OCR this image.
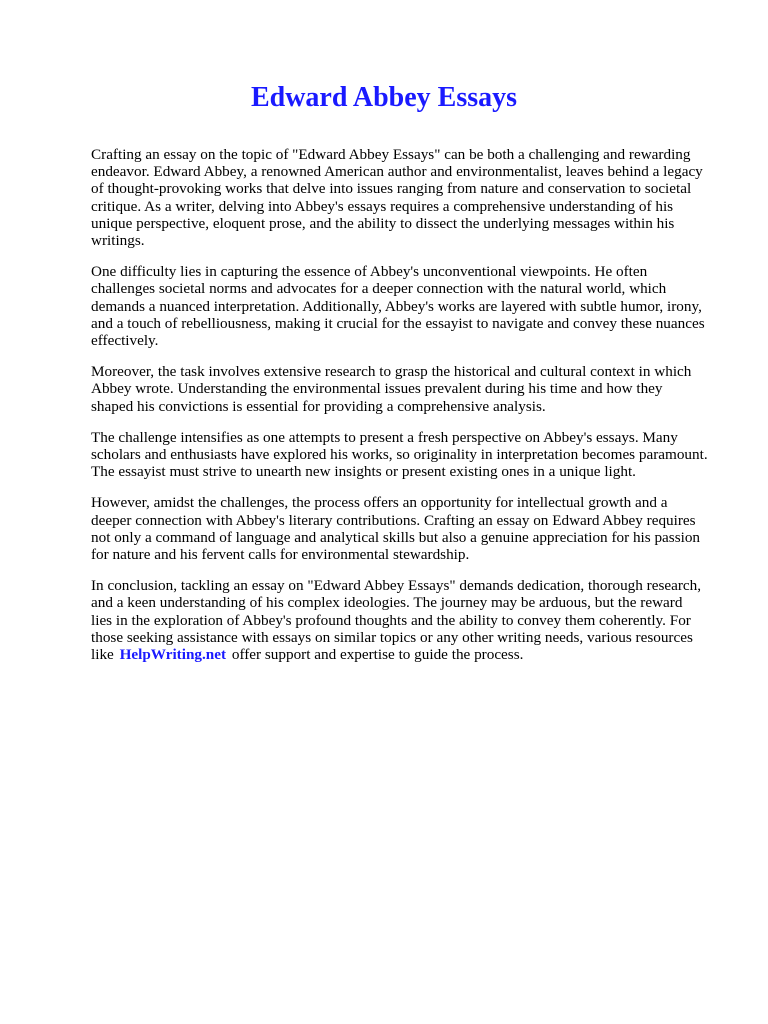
Edward Abbey Essays

Crafting an essay on the topic of "Edward Abbey Essays" can be both a challenging and rewarding
endeavor. Edward Abbey, a renowned American author and environmentalist, leaves behind a legacy
of thought-provoking works that delve into issues ranging from nature and conservation to societal
critique. As a writer, delving into Abbey's essays requires a comprehensive understanding of his
unique perspective, eloquent prose, and the ability to dissect the underlying messages within his
writings.

One difficulty lies in capturing the essence of Abbey's unconventional viewpoints. He often
challenges societal norms and advocates for a deeper connection with the natural world, which
demands a nuanced interpretation. Additionally, Abbey's works are layered with subtle humor, irony,
and a touch of rebelliousness, making it crucial for the essayist to navigate and convey these nuances
effectively.

Moreover, the task involves extensive research to grasp the historical and cultural context in which
Abbey wrote. Understanding the environmental issues prevalent during his time and how they
shaped his convictions is essential for providing a comprehensive analysis.

The challenge intensifies as one attempts to present a fresh perspective on Abbey's essays. Many
scholars and enthusiasts have explored his works, so originality in interpretation becomes paramount.
The essayist must strive to unearth new insights or present existing ones in a unique light.

However, amidst the challenges, the process offers an opportunity for intellectual growth and a
deeper connection with Abbey's literary contributions. Crafting an essay on Edward Abbey requires
not only a command of language and analytical skills but also a genuine appreciation for his passion
for nature and his fervent calls for environmental stewardship.

In conclusion, tackling an essay on "Edward Abbey Essays" demands dedication, thorough research,
and a keen understanding of his complex ideologies. The journey may be arduous, but the reward
lies in the exploration of Abbey's profound thoughts and the ability to convey them coherently. For
those seeking assistance with essays on similar topics or any other writing needs, various resources
like HelpWriting.net offer support and expertise to guide the process.
